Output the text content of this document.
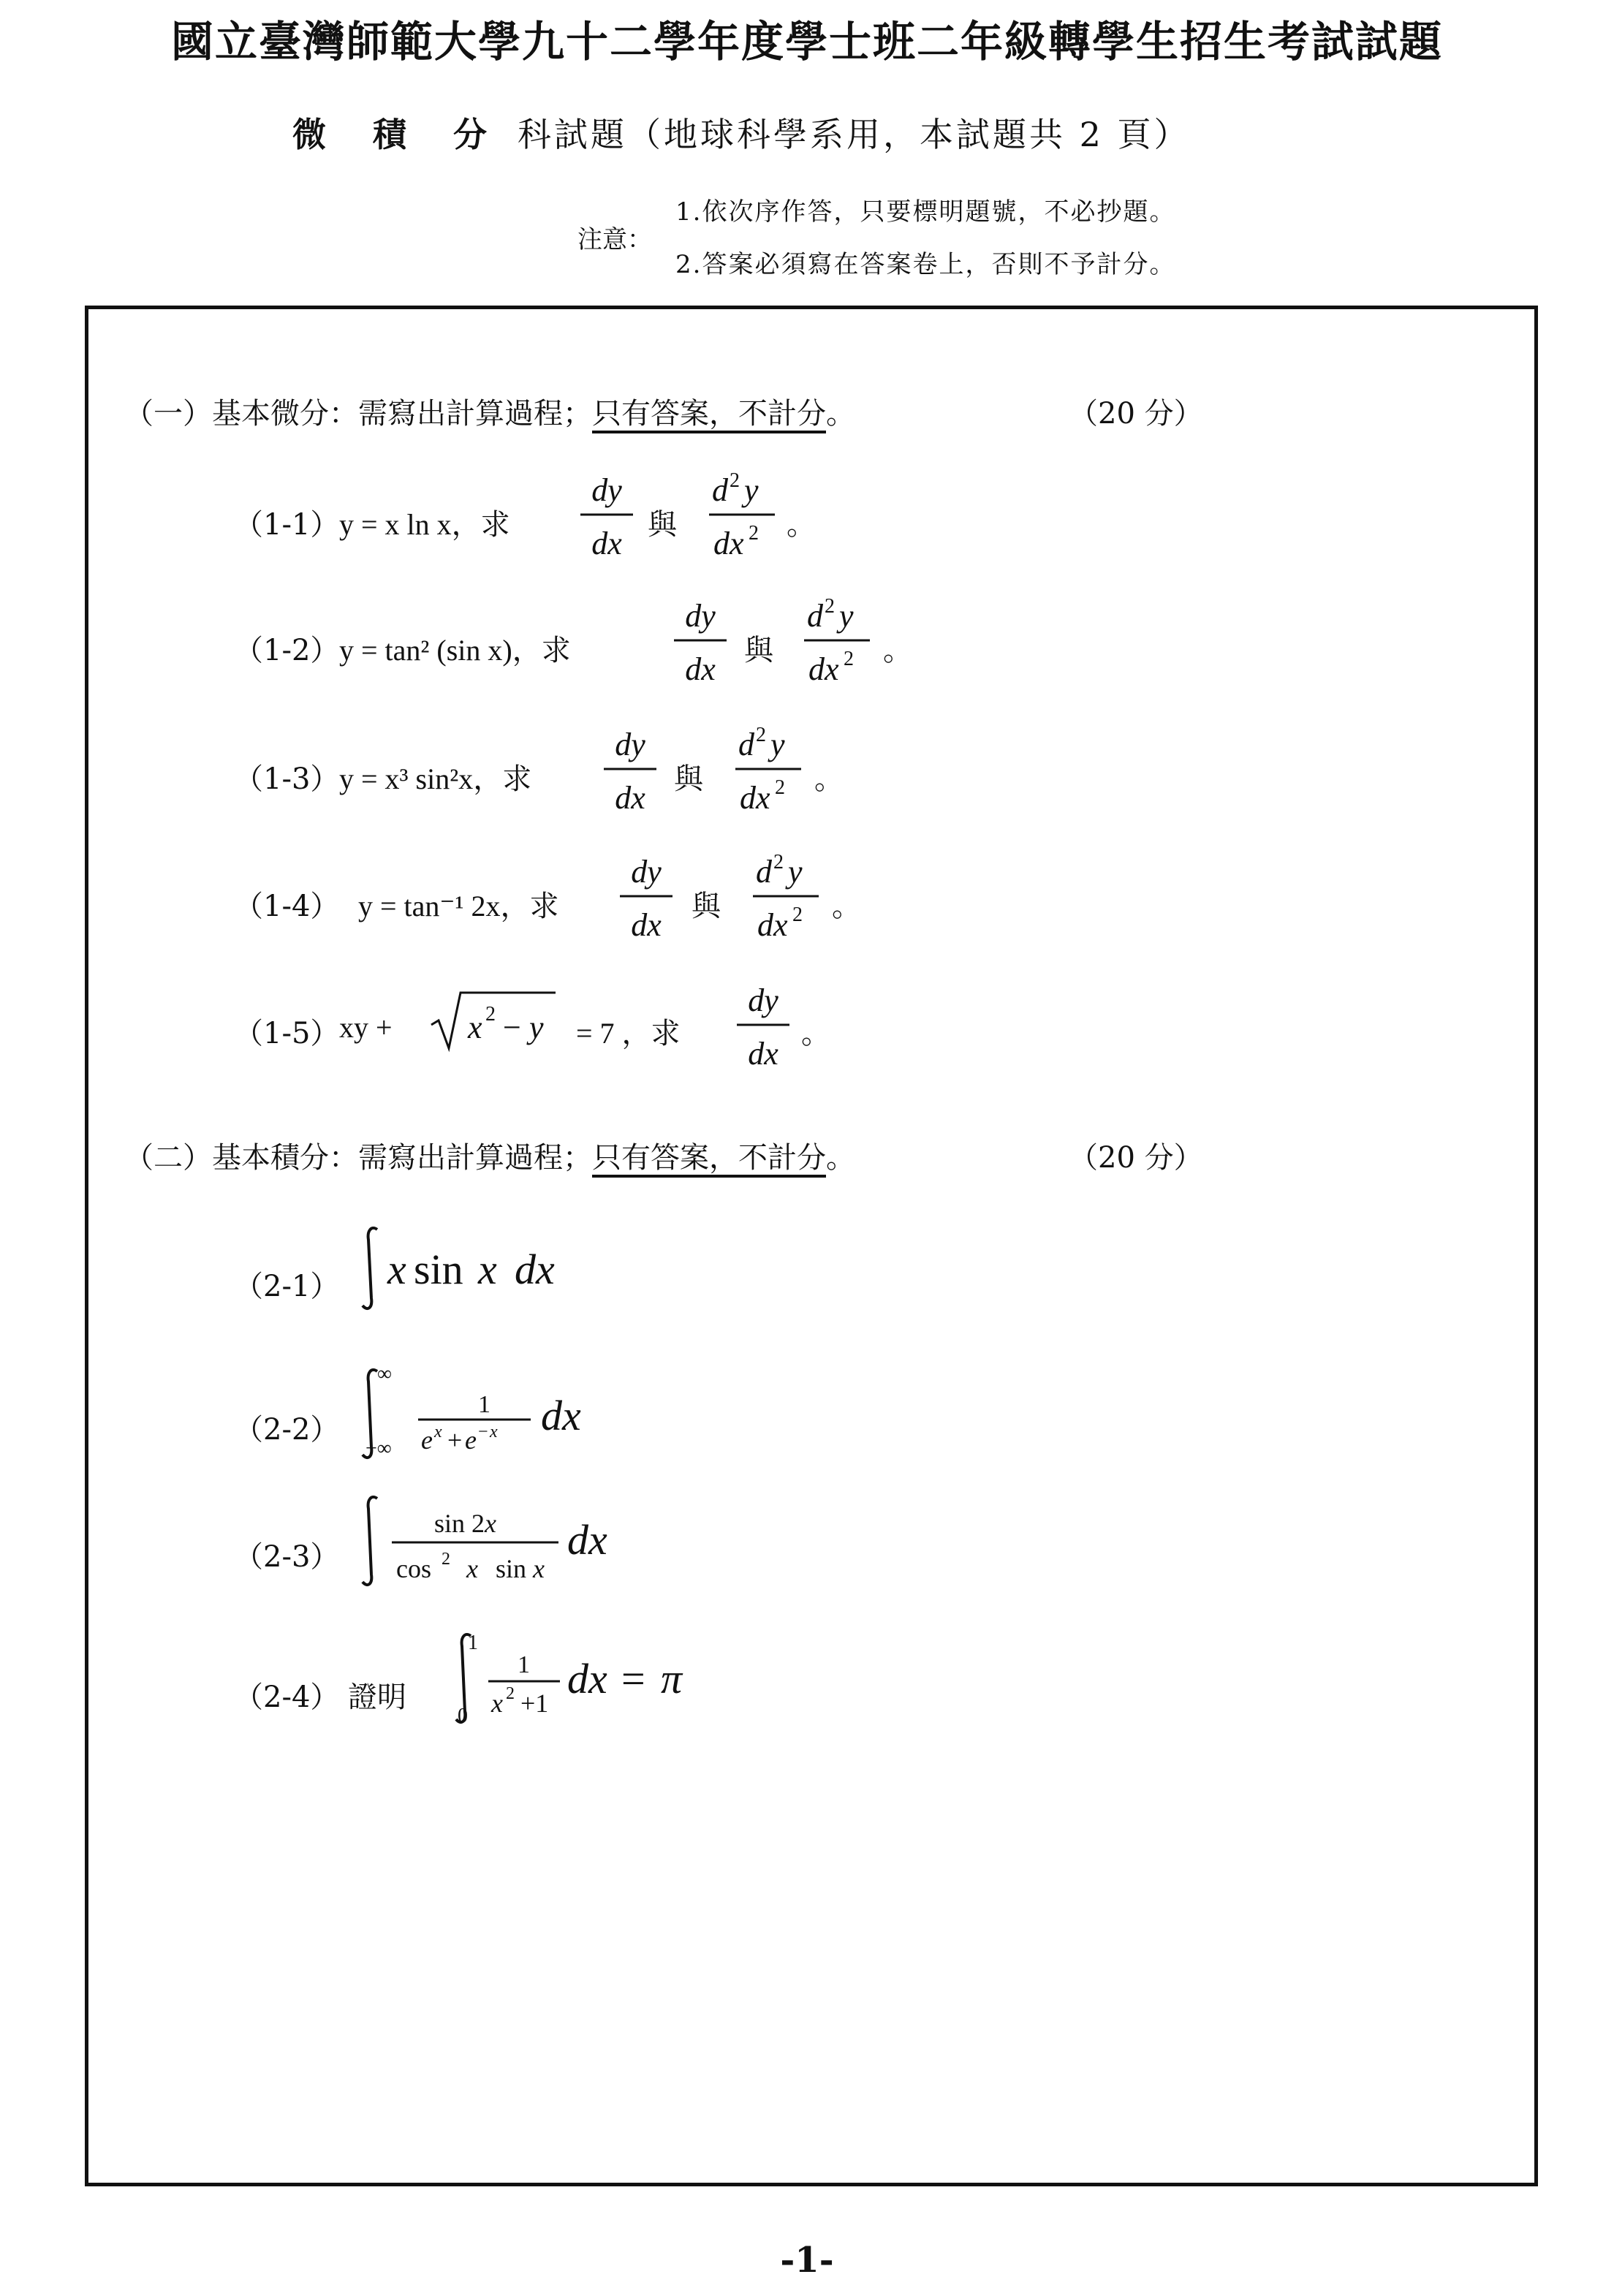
國立臺灣師範大學九十二學年度學士班二年級轉學生招生考試試題
微 積 分 科試題（地球科學系用，本試題共 2 頁）
注意：
1.依次序作答，只要標明題號，不必抄題。
2.答案必須寫在答案卷上，否則不予計分。
（一）基本微分：需寫出計算過程；只有答案，不計分。	（20 分）
（1-1） y = x ln x，求
dy
dx
與
d 2 y
dx 2 。
（1-2） y = tan² (sin x)，求
dy
dx
與
d 2 y
dx 2 。
（1-3） y = x³ sin²x，求
dy
dx
與
d 2 y
dx 2 。
（1-4） y = tan⁻¹ 2x，求
dy
dx
與
d 2 y
dx 2 。
（1-5） xy + x 2 − y = 7 ，求
dy
dx
。
（二）基本積分：需寫出計算過程；只有答案，不計分。	（20 分）
（2-1） x sin x dx
（2-2）
∞
−∞
1
e x + e − x dx
（2-3）
sin 2x
cos 2 x sin x
dx
（2-4） 證明
1
0
1
x 2 +1
dx = π
-1-
